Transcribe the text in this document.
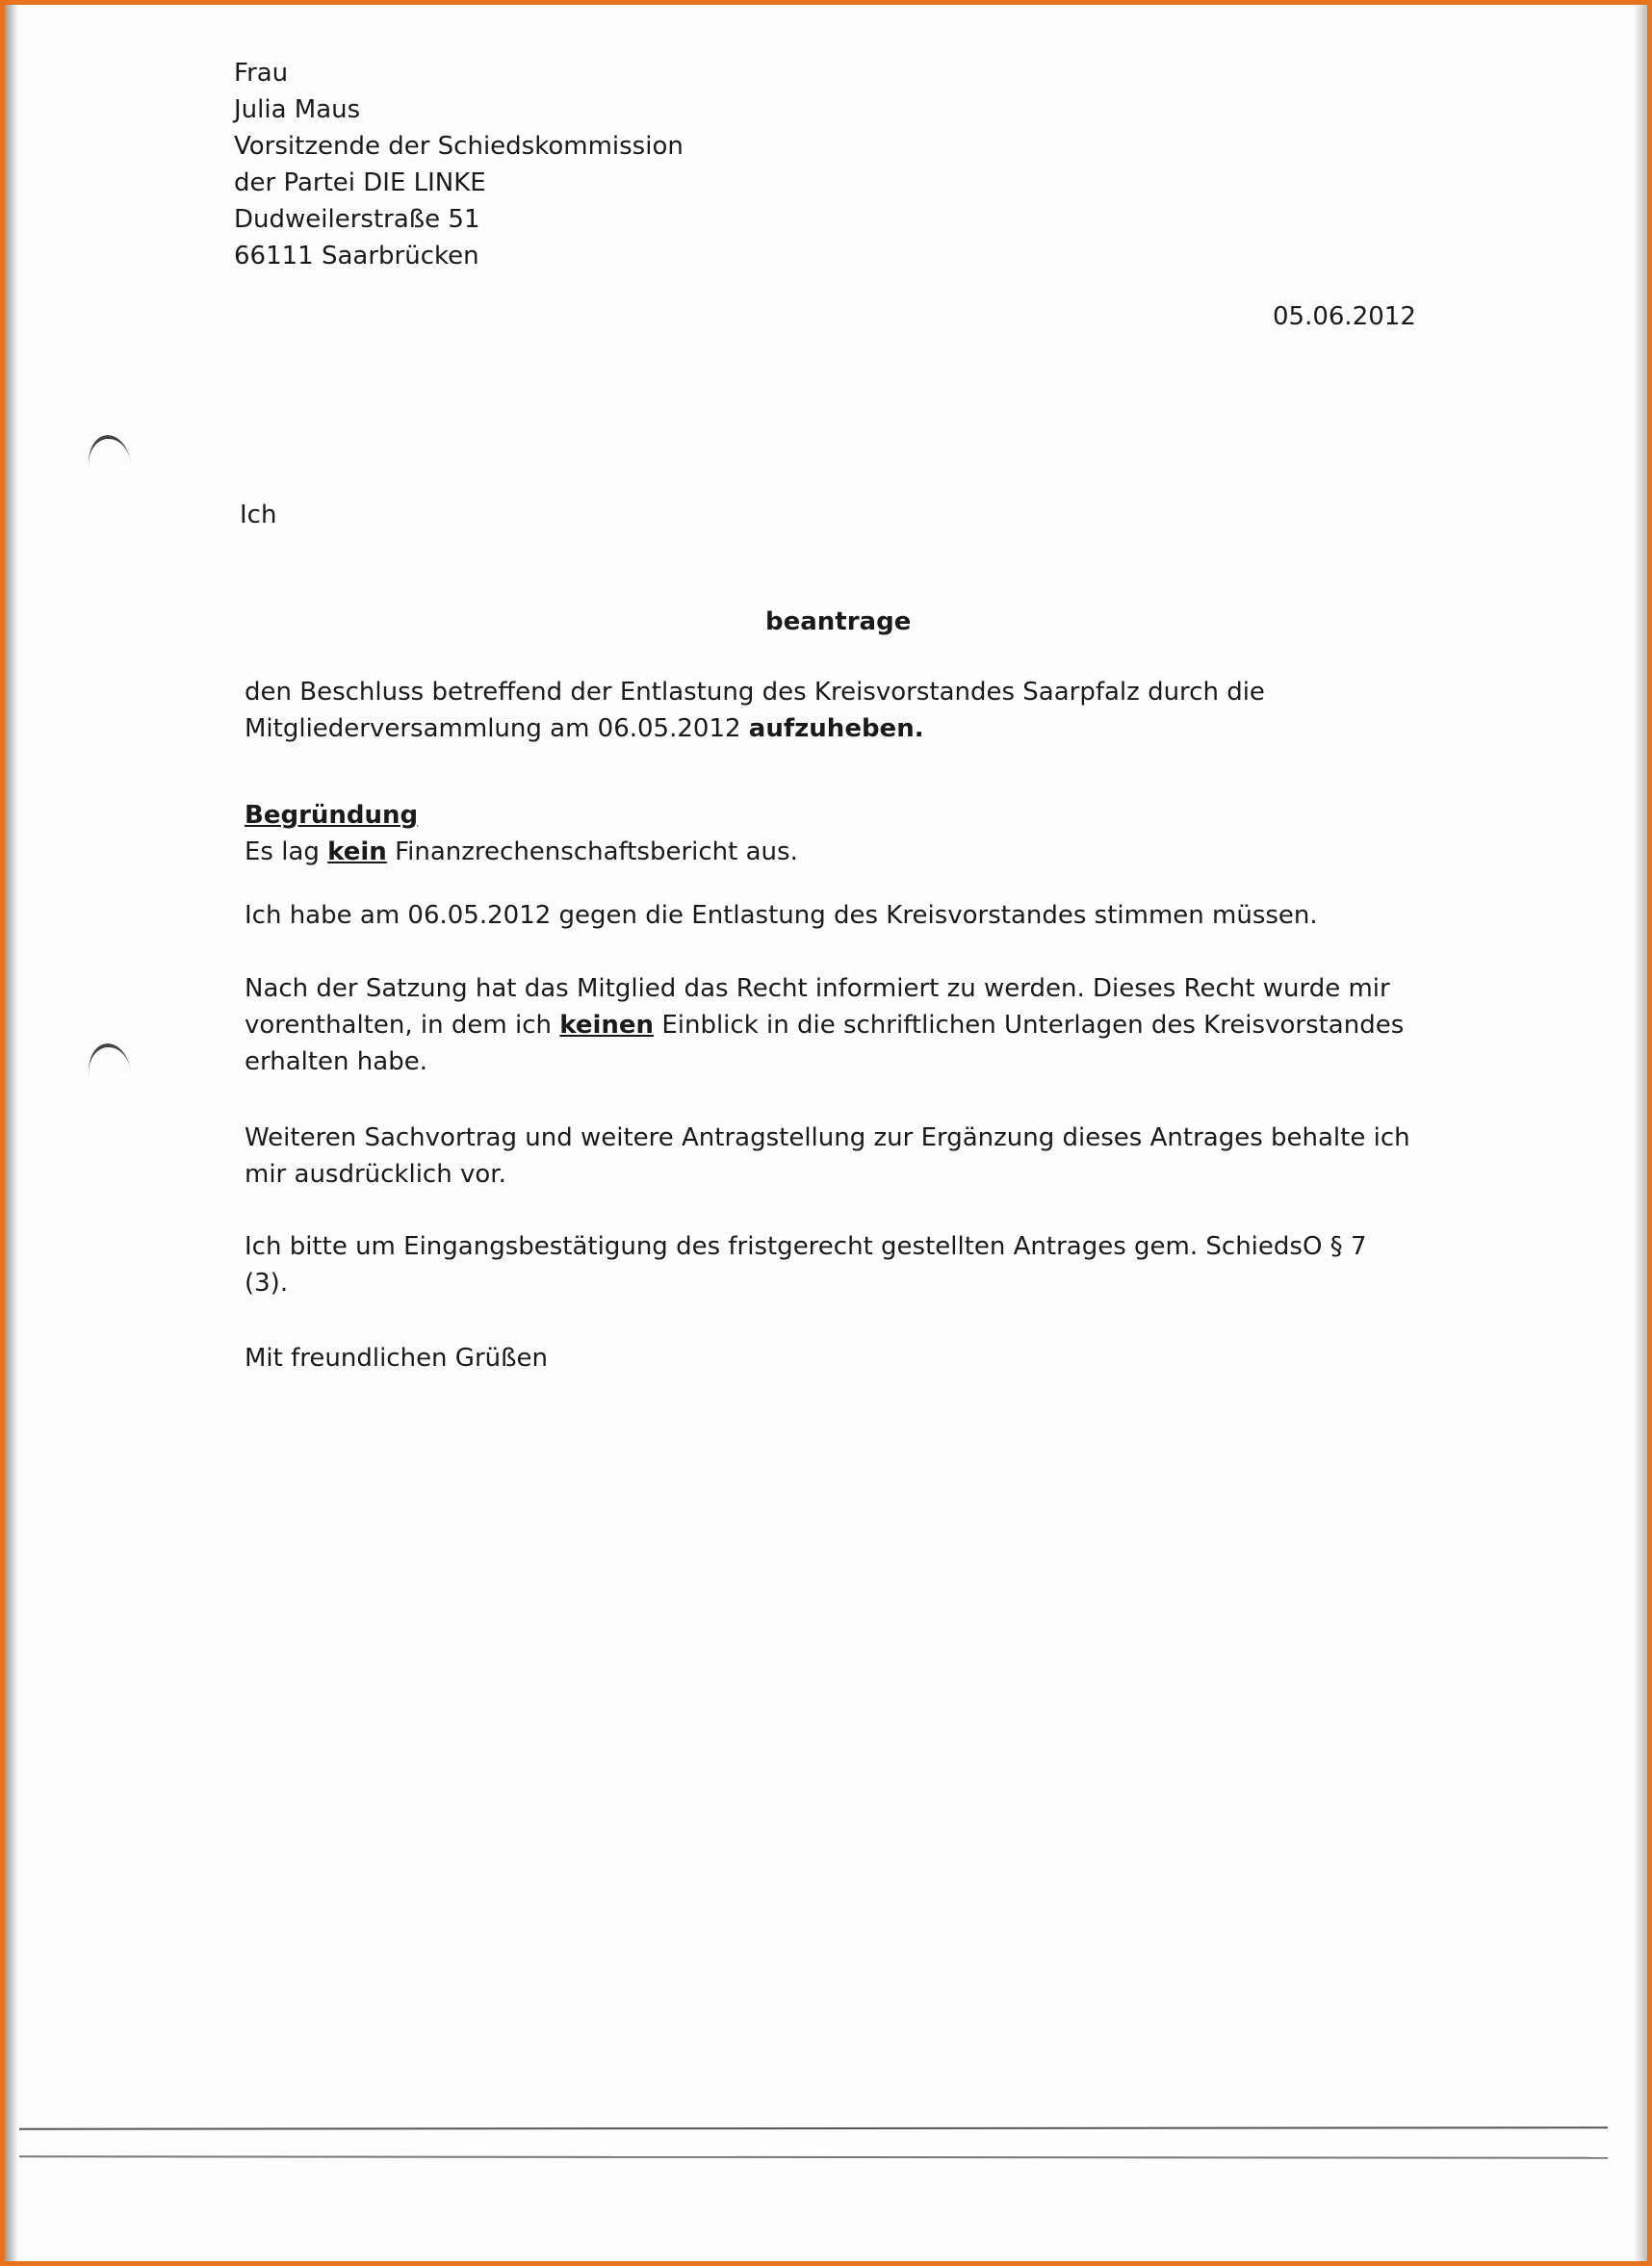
Frau
Julia Maus
Vorsitzende der Schiedskommission
der Partei DIE LINKE
Dudweilerstraße 51
66111 Saarbrücken
05.06.2012
Ich
beantrage
den Beschluss betreffend der Entlastung des Kreisvorstandes Saarpfalz durch die
Mitgliederversammlung am 06.05.2012 aufzuheben.
Begründung
Es lag kein Finanzrechenschaftsbericht aus.
Ich habe am 06.05.2012 gegen die Entlastung des Kreisvorstandes stimmen müssen.
Nach der Satzung hat das Mitglied das Recht informiert zu werden. Dieses Recht wurde mir
vorenthalten, in dem ich keinen Einblick in die schriftlichen Unterlagen des Kreisvorstandes
erhalten habe.
Weiteren Sachvortrag und weitere Antragstellung zur Ergänzung dieses Antrages behalte ich
mir ausdrücklich vor.
Ich bitte um Eingangsbestätigung des fristgerecht gestellten Antrages gem. SchiedsO § 7
(3).
Mit freundlichen Grüßen
